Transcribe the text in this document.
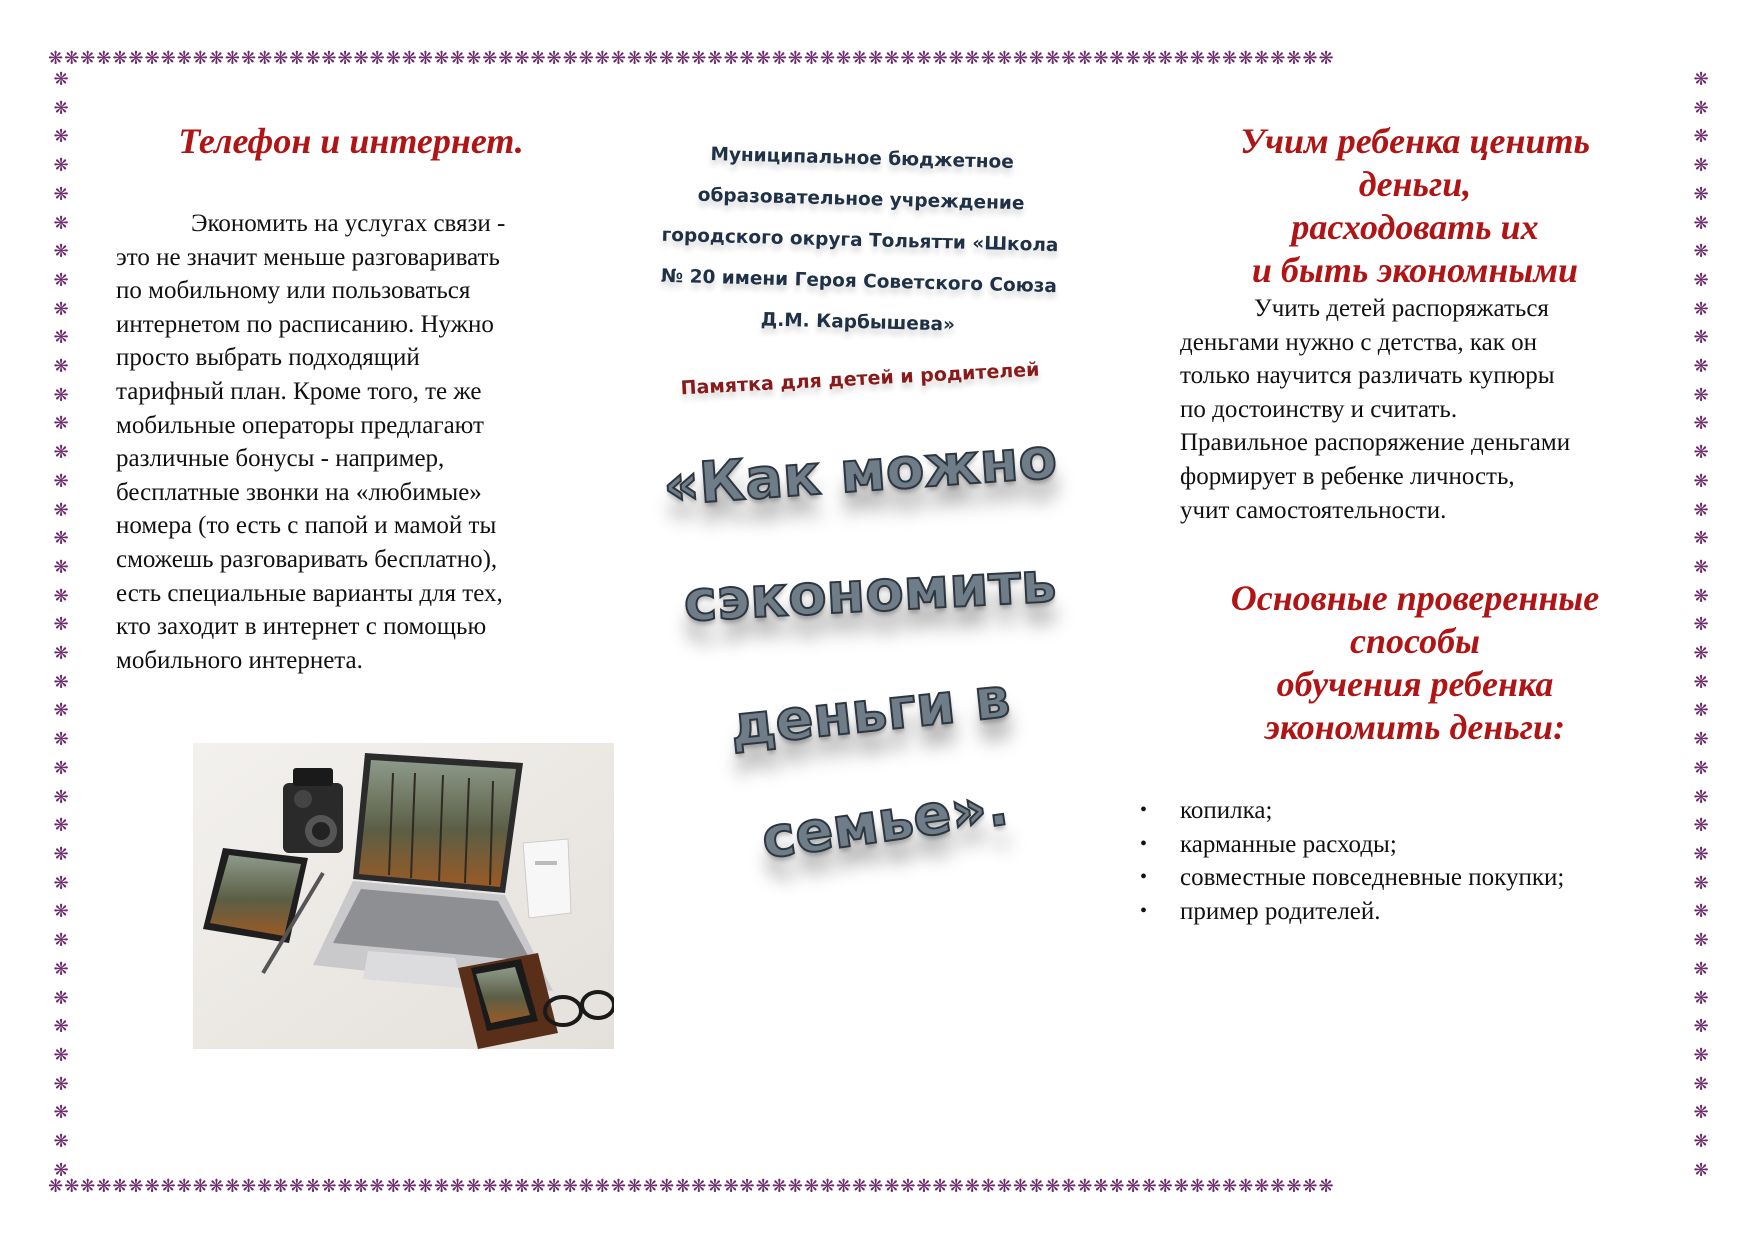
❋❋❋❋❋❋❋❋❋❋❋❋❋❋❋❋❋❋❋❋❋❋❋❋❋❋❋❋❋❋❋❋❋❋❋❋❋❋❋❋❋❋❋❋❋❋❋❋❋❋❋❋❋❋❋❋❋❋❋❋❋❋❋❋❋❋❋❋❋❋❋❋❋❋❋❋❋❋❋❋
❋❋❋❋❋❋❋❋❋❋❋❋❋❋❋❋❋❋❋❋❋❋❋❋❋❋❋❋❋❋❋❋❋❋❋❋❋❋❋❋❋❋❋❋❋❋❋❋❋❋❋❋❋❋❋❋❋❋❋❋❋❋❋❋❋❋❋❋❋❋❋❋❋❋❋❋❋❋❋❋
❋
❋
❋
❋
❋
❋
❋
❋
❋
❋
❋
❋
❋
❋
❋
❋
❋
❋
❋
❋
❋
❋
❋
❋
❋
❋
❋
❋
❋
❋
❋
❋
❋
❋
❋
❋
❋
❋
❋
❋
❋
❋
❋
❋
❋
❋
❋
❋
❋
❋
❋
❋
❋
❋
❋
❋
❋
❋
❋
❋
❋
❋
❋
❋
❋
❋
❋
❋
❋
❋
❋
❋
❋
❋
❋
❋
❋
❋
Телефон и интернет.

Экономить на услугах связи -

это не значит меньше разговаривать

по мобильному или пользоваться

интернетом по расписанию. Нужно

просто выбрать подходящий

тарифный план. Кроме того, те же

мобильные операторы предлагают

различные бонусы - например,

бесплатные звонки на «любимые»

номера (то есть с папой и мамой ты

сможешь разговаривать бесплатно),

есть специальные варианты для тех,

кто заходит в интернет с помощью

мобильного интернета.

Муниципальное бюджетное
образовательное учреждение
городского округа Тольятти «Школа
№ 20 имени Героя Советского Союза
Д.М. Карбышева»
Памятка для детей и родителей
«Как можно
сэкономить
деньги в
семье».

Учим ребенка ценить

деньги,

расходовать их

и быть экономными

Учить детей распоряжаться

деньгами нужно с детства, как он

только научится различать купюры

по достоинству и считать.

Правильное распоряжение деньгами

формирует в ребенке личность,

учит самостоятельности.

Основные проверенные

способы

обучения ребенка

экономить деньги:

• копилка;
• карманные расходы;
• совместные повседневные покупки;
• пример родителей.
